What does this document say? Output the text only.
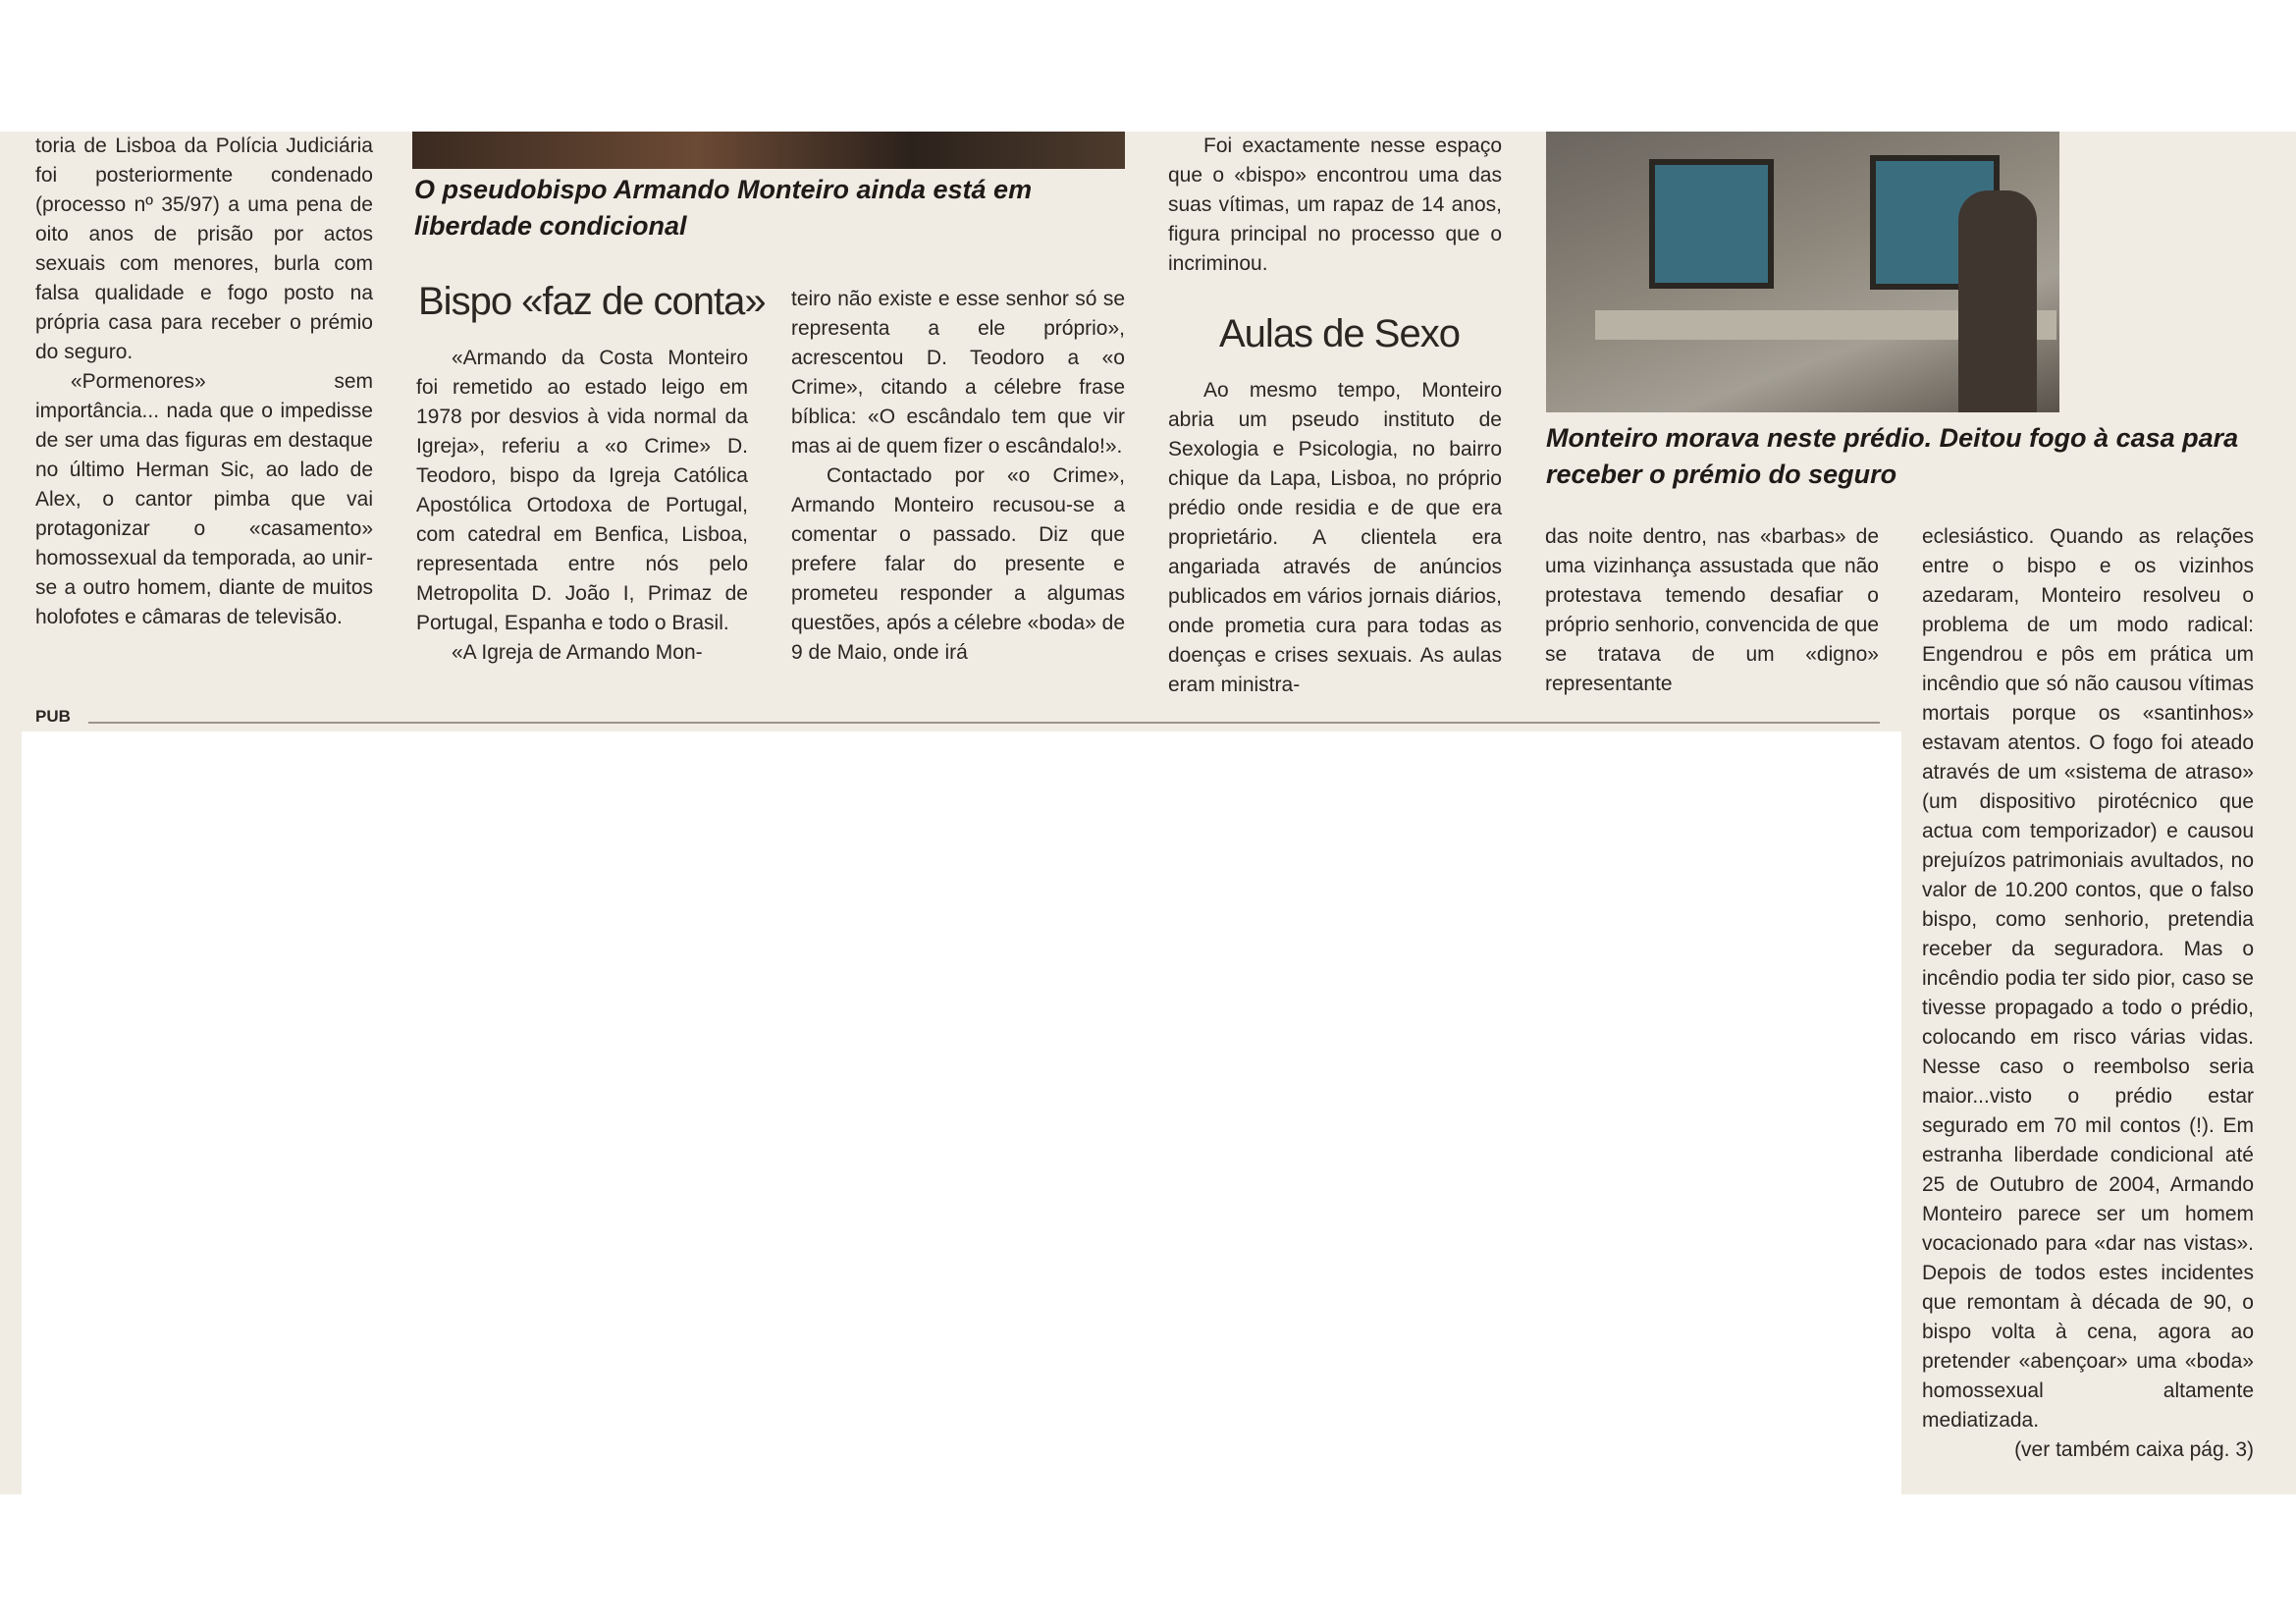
toria de Lisboa da Polícia Judiciária foi posteriormente condenado (processo nº 35/97) a uma pena de oito anos de prisão por actos sexuais com menores, burla com falsa qualidade e fogo posto na própria casa para receber o prémio do seguro.

«Pormenores» sem importância... nada que o impedisse de ser uma das figuras em destaque no último Herman Sic, ao lado de Alex, o cantor pimba que vai protagonizar o «casamento» homossexual da temporada, ao unir-se a outro homem, diante de muitos holofotes e câmaras de televisão.

O pseudobispo Armando Monteiro ainda está em liberdade condicional
Bispo «faz de conta»

«Armando da Costa Monteiro foi remetido ao estado leigo em 1978 por desvios à vida normal da Igreja», referiu a «o Crime» D. Teodoro, bispo da Igreja Católica Apostólica Ortodoxa de Portugal, com catedral em Benfica, Lisboa, representada entre nós pelo Metropolita D. João I, Primaz de Portugal, Espanha e todo o Brasil.

«A Igreja de Armando Mon-

teiro não existe e esse senhor só se representa a ele próprio», acrescentou D. Teodoro a «o Crime», citando a célebre frase bíblica: «O escândalo tem que vir mas ai de quem fizer o escândalo!».

Contactado por «o Crime», Armando Monteiro recusou-se a comentar o passado. Diz que prefere falar do presente e prometeu responder a algumas questões, após a célebre «boda» de 9 de Maio, onde irá

Foi exactamente nesse espaço que o «bispo» encontrou uma das suas vítimas, um rapaz de 14 anos, figura principal no processo que o incriminou.

Aulas de Sexo

Ao mesmo tempo, Monteiro abria um pseudo instituto de Sexologia e Psicologia, no bairro chique da Lapa, Lisboa, no próprio prédio onde residia e de que era proprietário. A clientela era angariada através de anúncios publicados em vários jornais diários, onde prometia cura para todas as doenças e crises sexuais. As aulas eram ministra-

Monteiro morava neste prédio. Deitou fogo à casa para receber o prémio do seguro

das noite dentro, nas «barbas» de uma vizinhança assustada que não protestava temendo desafiar o próprio senhorio, convencida de que se tratava de um «digno» representante

eclesiástico. Quando as relações entre o bispo e os vizinhos azedaram, Monteiro resolveu o problema de um modo radical: Engendrou e pôs em prática um incêndio que só não causou vítimas mortais porque os «santinhos» estavam atentos. O fogo foi ateado através de um «sistema de atraso» (um dispositivo pirotécnico que actua com temporizador) e causou prejuízos patrimoniais avultados, no valor de 10.200 contos, que o falso bispo, como senhorio, pretendia receber da seguradora. Mas o incêndio podia ter sido pior, caso se tivesse propagado a todo o prédio, colocando em risco várias vidas. Nesse caso o reembolso seria maior...visto o prédio estar segurado em 70 mil contos (!). Em estranha liberdade condicional até 25 de Outubro de 2004, Armando Monteiro parece ser um homem vocacionado para «dar nas vistas». Depois de todos estes incidentes que remontam à década de 90, o bispo volta à cena, agora ao pretender «abençoar» uma «boda» homossexual altamente mediatizada.

(ver também caixa pág. 3)

PUB
